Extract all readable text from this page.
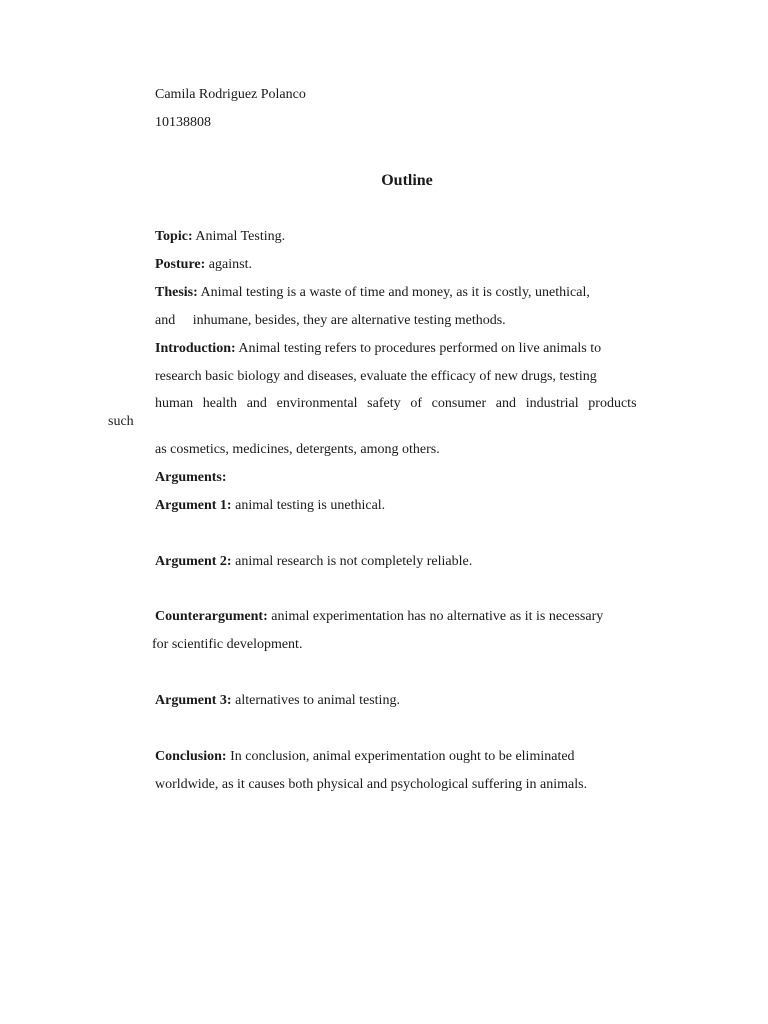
Camila Rodriguez Polanco
10138808
Outline
Topic: Animal Testing.
Posture: against.
Thesis: Animal testing is a waste of time and money, as it is costly, unethical,
and     inhumane, besides, they are alternative testing methods.
Introduction: Animal testing refers to procedures performed on live animals to
research basic biology and diseases, evaluate the efficacy of new drugs, testing
human health and environmental safety of consumer and industrial products
such
as cosmetics, medicines, detergents, among others.
Arguments:
Argument 1: animal testing is unethical.
Argument 2: animal research is not completely reliable.
Counterargument: animal experimentation has no alternative as it is necessary
for scientific development.
Argument 3: alternatives to animal testing.
Conclusion: In conclusion, animal experimentation ought to be eliminated
worldwide, as it causes both physical and psychological suffering in animals.
